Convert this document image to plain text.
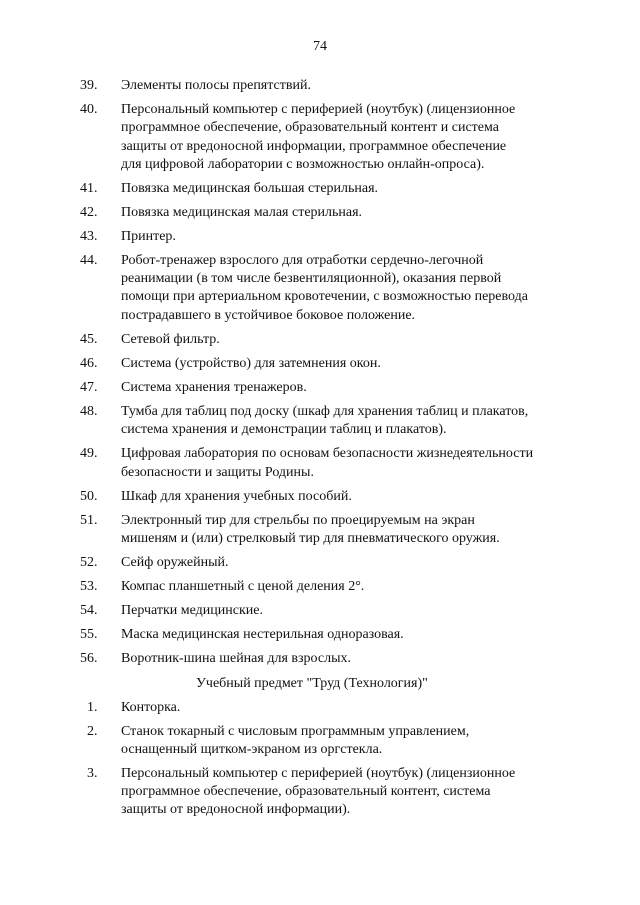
74
39.	Элементы полосы препятствий.
40.	Персональный компьютер с периферией (ноутбук) (лицензионное
программное обеспечение, образовательный контент и система
защиты от вредоносной информации, программное обеспечение
для цифровой лаборатории с возможностью онлайн-опроса).
41.	Повязка медицинская большая стерильная.
42.	Повязка медицинская малая стерильная.
43.	Принтер.
44.	Робот-тренажер взрослого для отработки сердечно-легочной
реанимации (в том числе безвентиляционной), оказания первой
помощи при артериальном кровотечении, с возможностью перевода
пострадавшего в устойчивое боковое положение.
45.	Сетевой фильтр.
46.	Система (устройство) для затемнения окон.
47.	Система хранения тренажеров.
48.	Тумба для таблиц под доску (шкаф для хранения таблиц и плакатов,
система хранения и демонстрации таблиц и плакатов).
49.	Цифровая лаборатория по основам безопасности жизнедеятельности
безопасности и защиты Родины.
50.	Шкаф для хранения учебных пособий.
51.	Электронный тир для стрельбы по проецируемым на экран
мишеням и (или) стрелковый тир для пневматического оружия.
52.	Сейф оружейный.
53.	Компас планшетный с ценой деления 2°.
54.	Перчатки медицинские.
55.	Маска медицинская нестерильная одноразовая.
56.	Воротник-шина шейная для взрослых.
Учебный предмет "Труд (Технология)"
1.	Конторка.
2.	Станок токарный с числовым программным управлением,
оснащенный щитком-экраном из оргстекла.
3.	Персональный компьютер с периферией (ноутбук) (лицензионное
программное обеспечение, образовательный контент, система
защиты от вредоносной информации).
